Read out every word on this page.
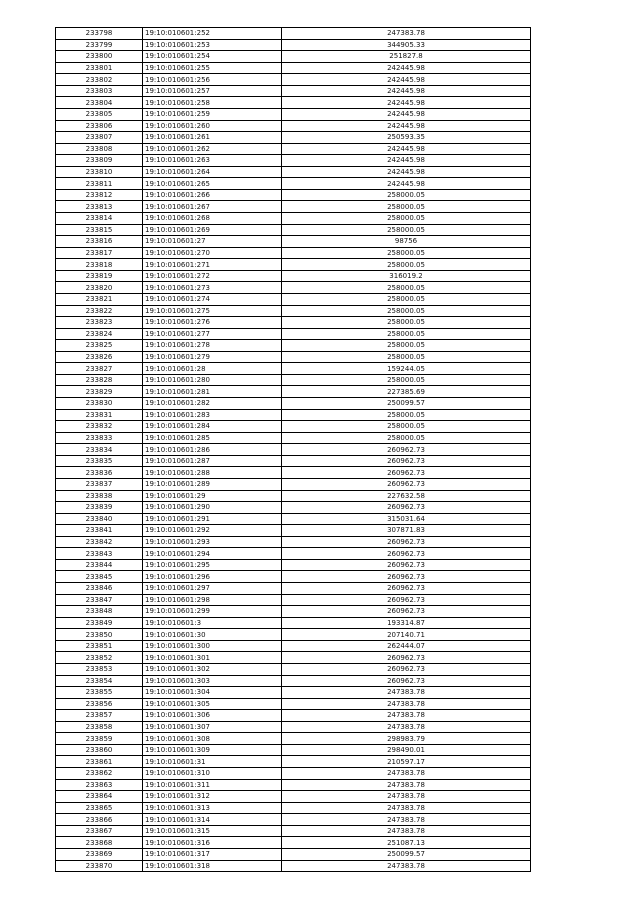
233798	19:10:010601:252	247383.78
233799	19:10:010601:253	344905.33
233800	19:10:010601:254	251827.8
233801	19:10:010601:255	242445.98
233802	19:10:010601:256	242445.98
233803	19:10:010601:257	242445.98
233804	19:10:010601:258	242445.98
233805	19:10:010601:259	242445.98
233806	19:10:010601:260	242445.98
233807	19:10:010601:261	250593.35
233808	19:10:010601:262	242445.98
233809	19:10:010601:263	242445.98
233810	19:10:010601:264	242445.98
233811	19:10:010601:265	242445.98
233812	19:10:010601:266	258000.05
233813	19:10:010601:267	258000.05
233814	19:10:010601:268	258000.05
233815	19:10:010601:269	258000.05
233816	19:10:010601:27	98756
233817	19:10:010601:270	258000.05
233818	19:10:010601:271	258000.05
233819	19:10:010601:272	316019.2
233820	19:10:010601:273	258000.05
233821	19:10:010601:274	258000.05
233822	19:10:010601:275	258000.05
233823	19:10:010601:276	258000.05
233824	19:10:010601:277	258000.05
233825	19:10:010601:278	258000.05
233826	19:10:010601:279	258000.05
233827	19:10:010601:28	159244.05
233828	19:10:010601:280	258000.05
233829	19:10:010601:281	227385.69
233830	19:10:010601:282	250099.57
233831	19:10:010601:283	258000.05
233832	19:10:010601:284	258000.05
233833	19:10:010601:285	258000.05
233834	19:10:010601:286	260962.73
233835	19:10:010601:287	260962.73
233836	19:10:010601:288	260962.73
233837	19:10:010601:289	260962.73
233838	19:10:010601:29	227632.58
233839	19:10:010601:290	260962.73
233840	19:10:010601:291	315031.64
233841	19:10:010601:292	307871.83
233842	19:10:010601:293	260962.73
233843	19:10:010601:294	260962.73
233844	19:10:010601:295	260962.73
233845	19:10:010601:296	260962.73
233846	19:10:010601:297	260962.73
233847	19:10:010601:298	260962.73
233848	19:10:010601:299	260962.73
233849	19:10:010601:3	193314.87
233850	19:10:010601:30	207140.71
233851	19:10:010601:300	262444.07
233852	19:10:010601:301	260962.73
233853	19:10:010601:302	260962.73
233854	19:10:010601:303	260962.73
233855	19:10:010601:304	247383.78
233856	19:10:010601:305	247383.78
233857	19:10:010601:306	247383.78
233858	19:10:010601:307	247383.78
233859	19:10:010601:308	298983.79
233860	19:10:010601:309	298490.01
233861	19:10:010601:31	210597.17
233862	19:10:010601:310	247383.78
233863	19:10:010601:311	247383.78
233864	19:10:010601:312	247383.78
233865	19:10:010601:313	247383.78
233866	19:10:010601:314	247383.78
233867	19:10:010601:315	247383.78
233868	19:10:010601:316	251087.13
233869	19:10:010601:317	250099.57
233870	19:10:010601:318	247383.78
